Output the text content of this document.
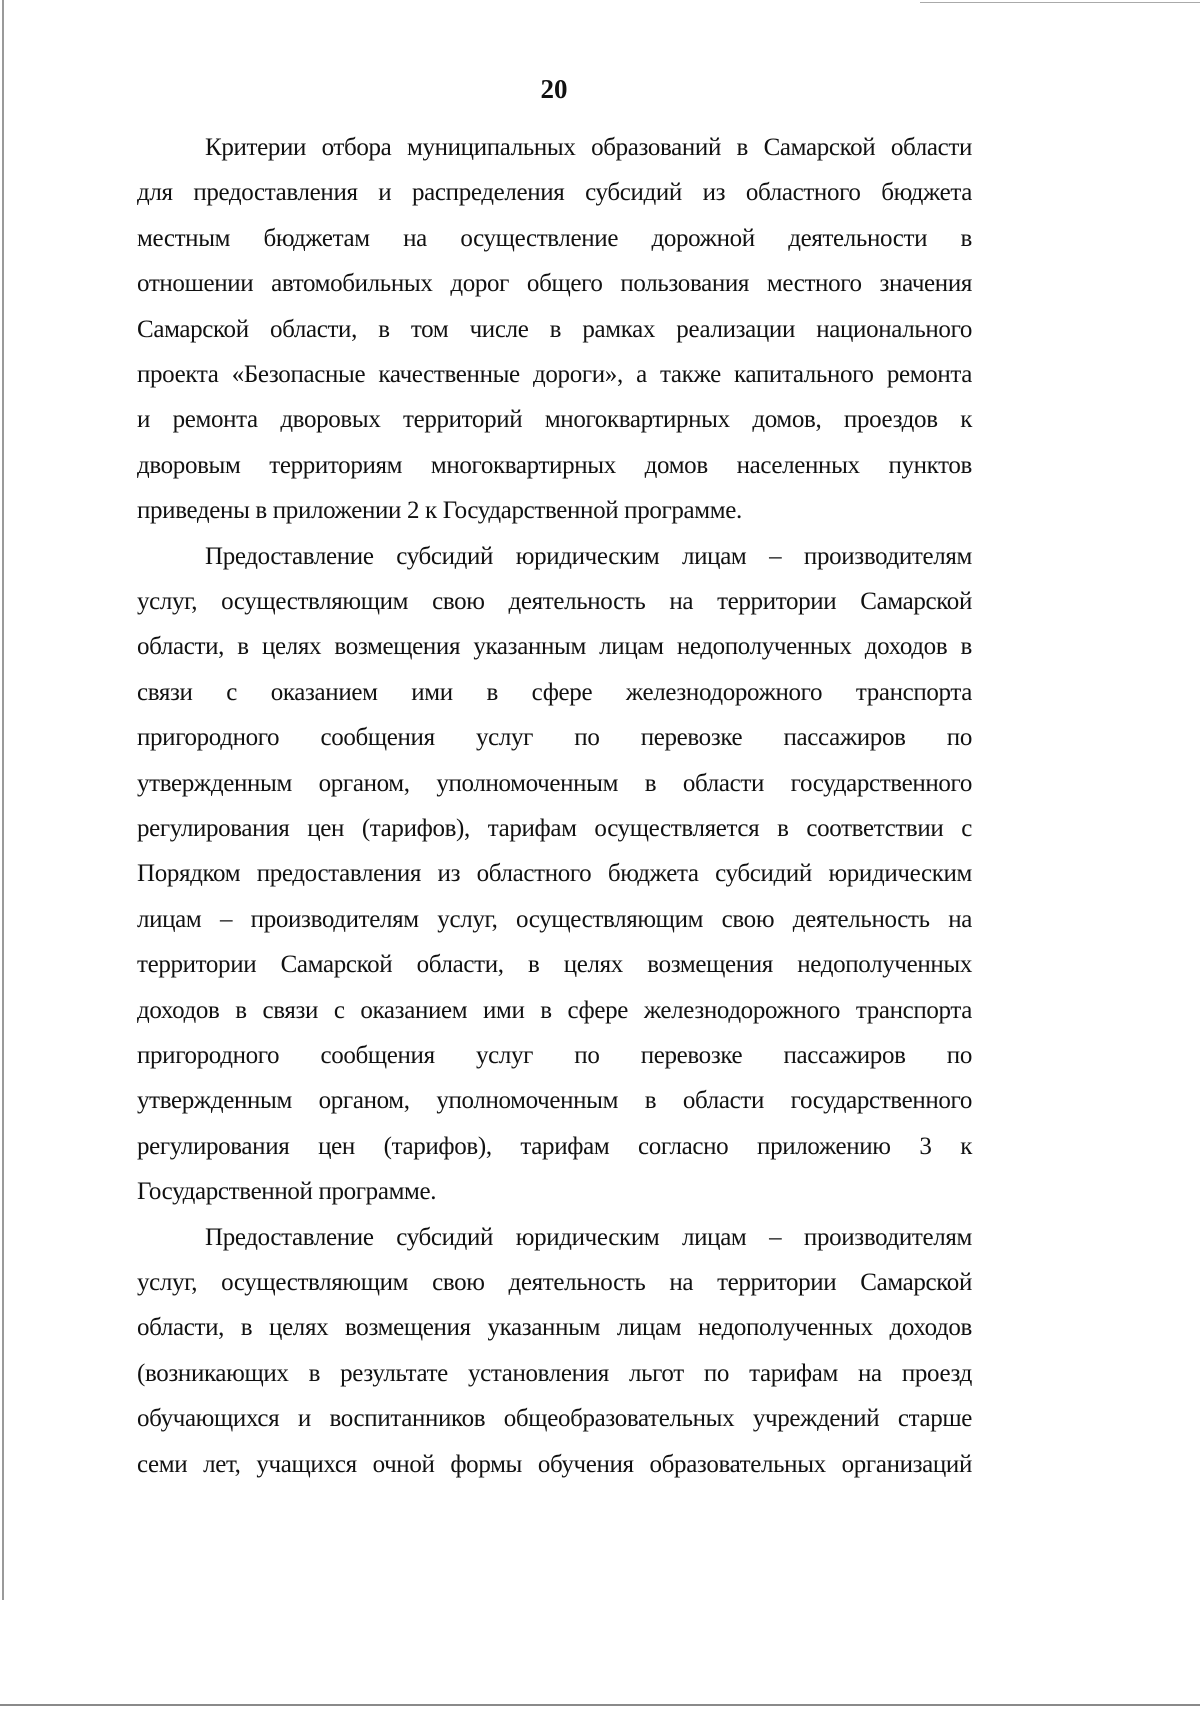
20
Критерии отбора муниципальных образований в Самарской области
для предоставления и распределения субсидий из областного бюджета
местным бюджетам на осуществление дорожной деятельности в
отношении автомобильных дорог общего пользования местного значения
Самарской области, в том числе в рамках реализации национального
проекта «Безопасные качественные дороги», а также капитального ремонта
и ремонта дворовых территорий многоквартирных домов, проездов к
дворовым территориям многоквартирных домов населенных пунктов
приведены в приложении 2 к Государственной программе.
Предоставление субсидий юридическим лицам – производителям
услуг, осуществляющим свою деятельность на территории Самарской
области, в целях возмещения указанным лицам недополученных доходов в
связи с оказанием ими в сфере железнодорожного транспорта
пригородного сообщения услуг по перевозке пассажиров по
утвержденным органом, уполномоченным в области государственного
регулирования цен (тарифов), тарифам осуществляется в соответствии с
Порядком предоставления из областного бюджета субсидий юридическим
лицам – производителям услуг, осуществляющим свою деятельность на
территории Самарской области, в целях возмещения недополученных
доходов в связи с оказанием ими в сфере железнодорожного транспорта
пригородного сообщения услуг по перевозке пассажиров по
утвержденным органом, уполномоченным в области государственного
регулирования цен (тарифов), тарифам согласно приложению 3 к
Государственной программе.
Предоставление субсидий юридическим лицам – производителям
услуг, осуществляющим свою деятельность на территории Самарской
области, в целях возмещения указанным лицам недополученных доходов
(возникающих в результате установления льгот по тарифам на проезд
обучающихся и воспитанников общеобразовательных учреждений старше
семи лет, учащихся очной формы обучения образовательных организаций
